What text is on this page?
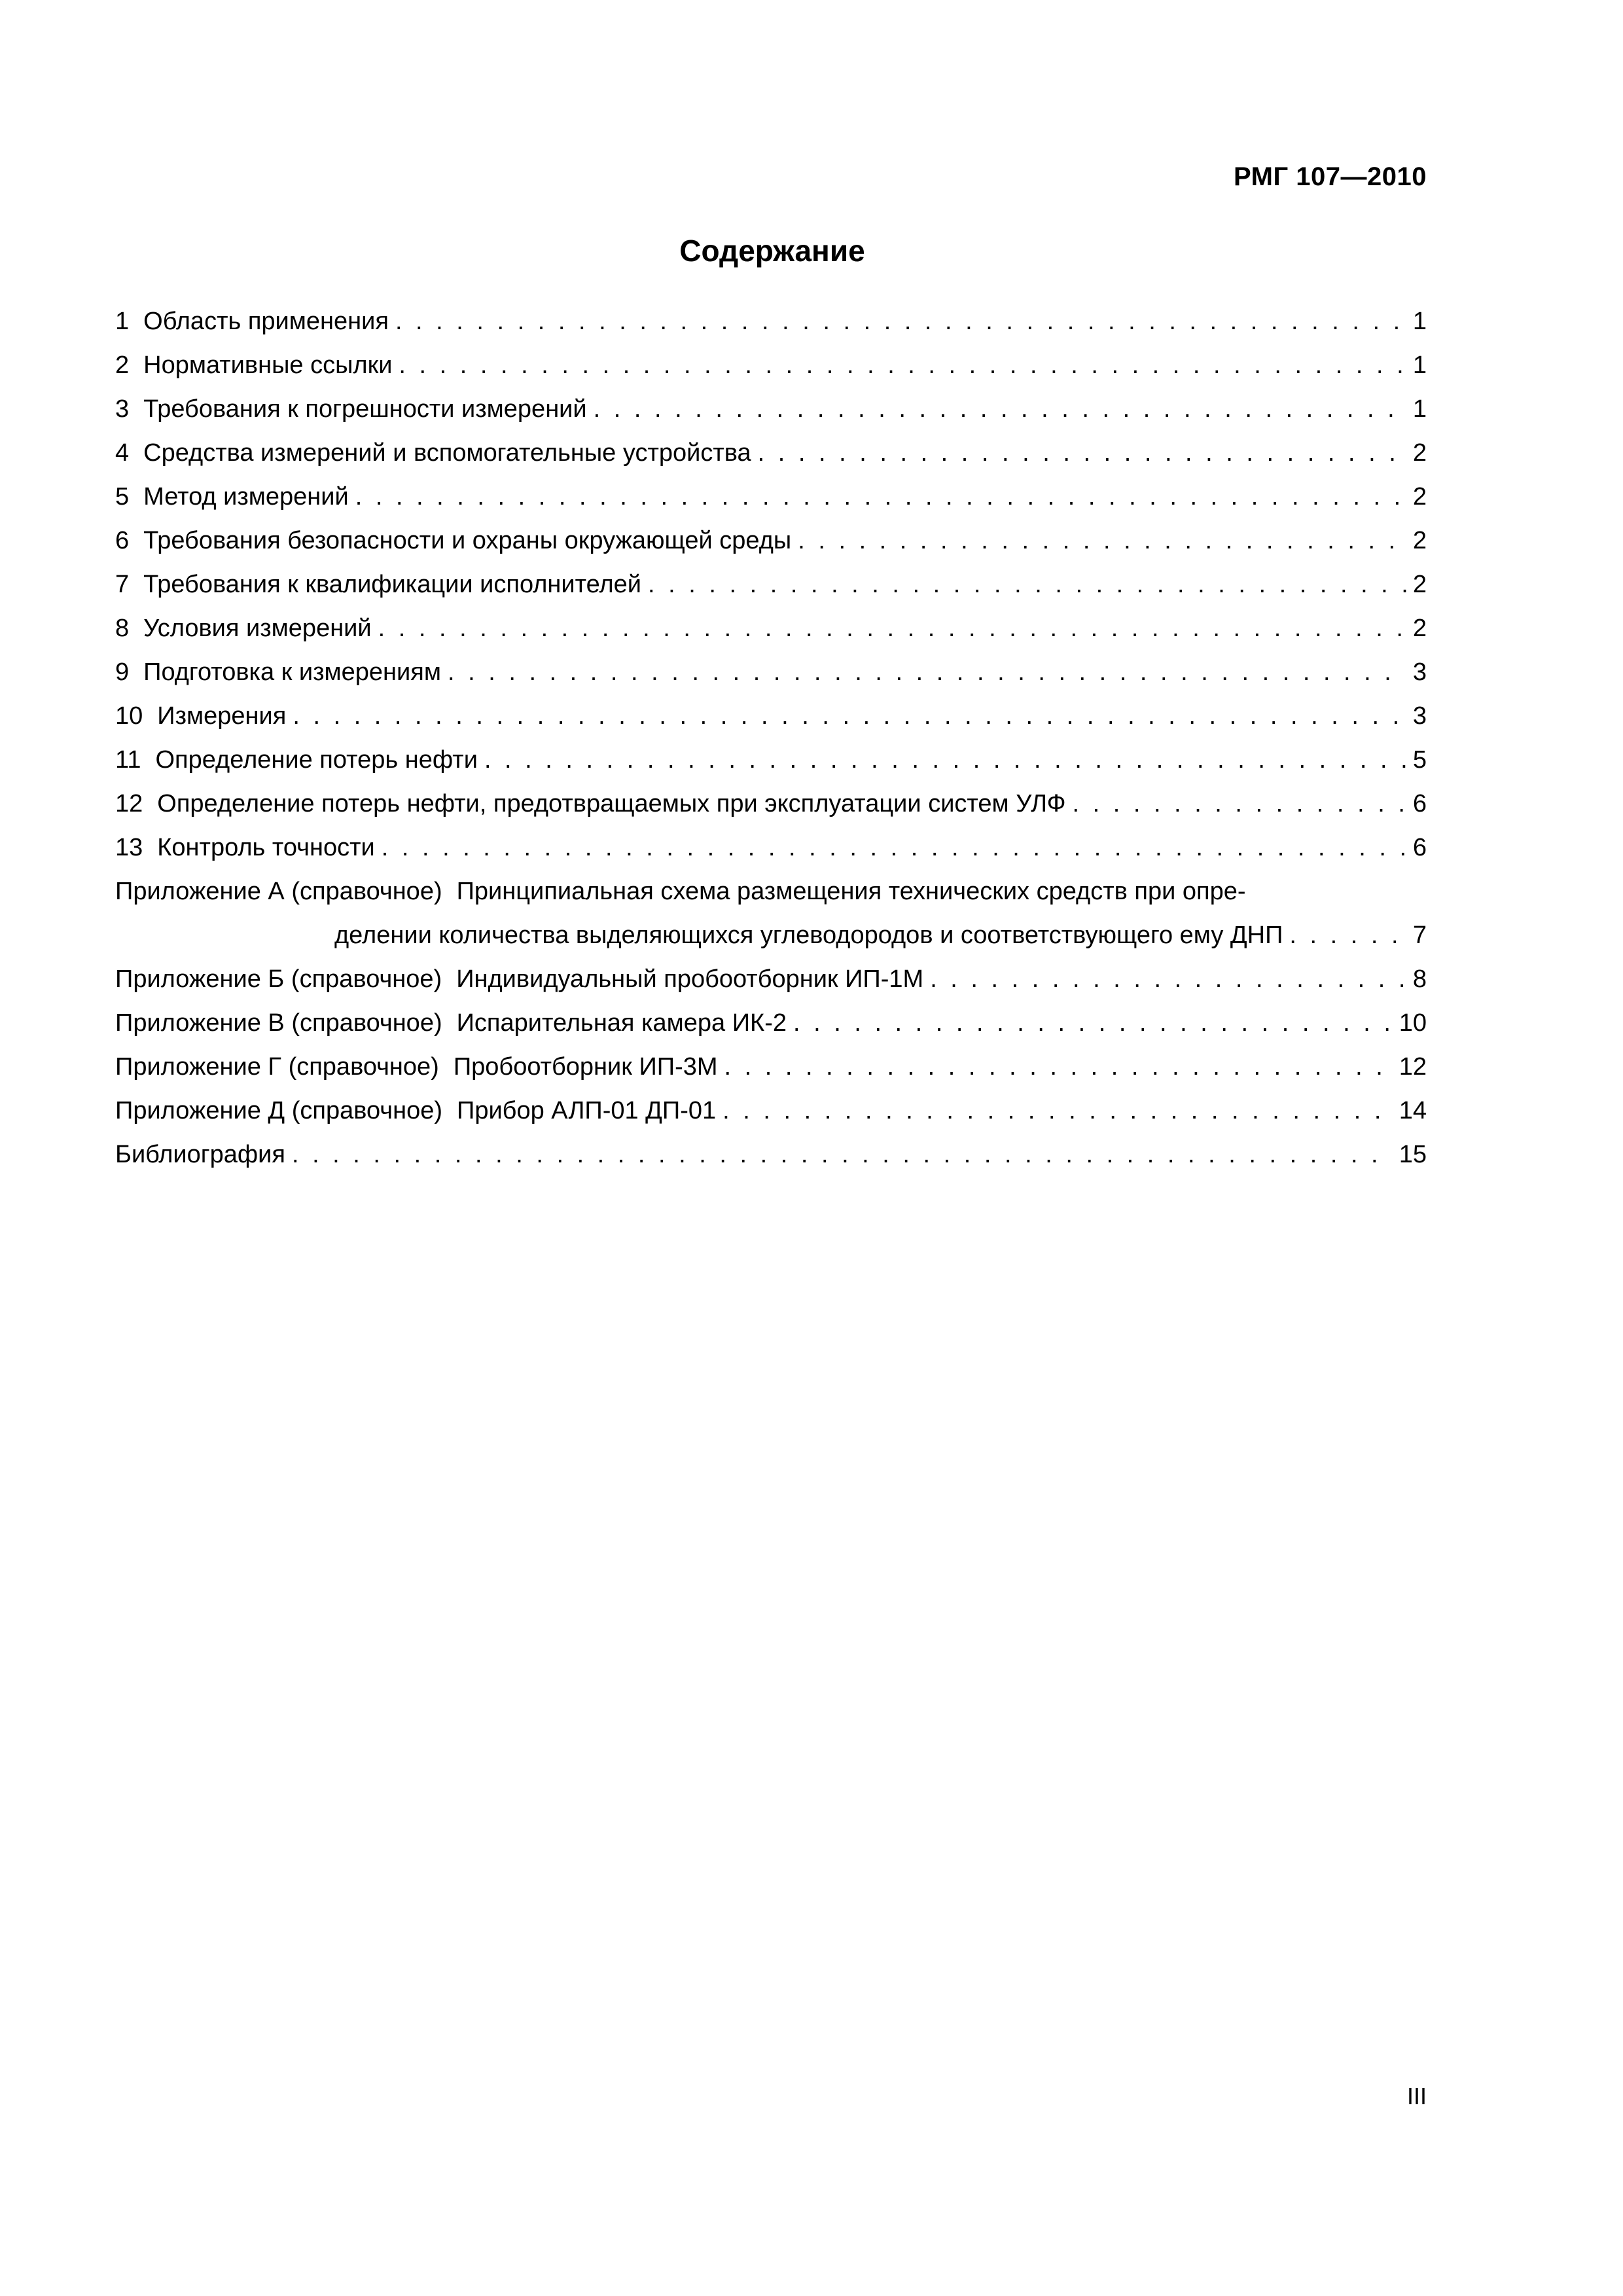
РМГ 107—2010
Содержание
1 Область применения . . .	1
2 Нормативные ссылки . . .	1
3 Требования к погрешности измерений . . .	1
4 Средства измерений и вспомогательные устройства . . .	2
5 Метод измерений . . .	2
6 Требования безопасности и охраны окружающей среды . . .	2
7 Требования к квалификации исполнителей . . .	2
8 Условия измерений . . .	2
9 Подготовка к измерениям . . .	3
10 Измерения . . .	3
11 Определение потерь нефти . . .	5
12 Определение потерь нефти, предотвращаемых при эксплуатации систем УЛФ . . .	6
13 Контроль точности . . .	6
Приложение А (справочное) Принципиальная схема размещения технических средств при опре-
делении количества выделяющихся углеводородов и соответствующего ему ДНП . . .	7
Приложение Б (справочное) Индивидуальный пробоотборник ИП-1М . . .	8
Приложение В (справочное) Испарительная камера ИК-2 . . .	10
Приложение Г (справочное) Пробоотборник ИП-3М . . .	12
Приложение Д (справочное) Прибор АЛП-01 ДП-01 . . .	14
Библиография . . .	15
III
